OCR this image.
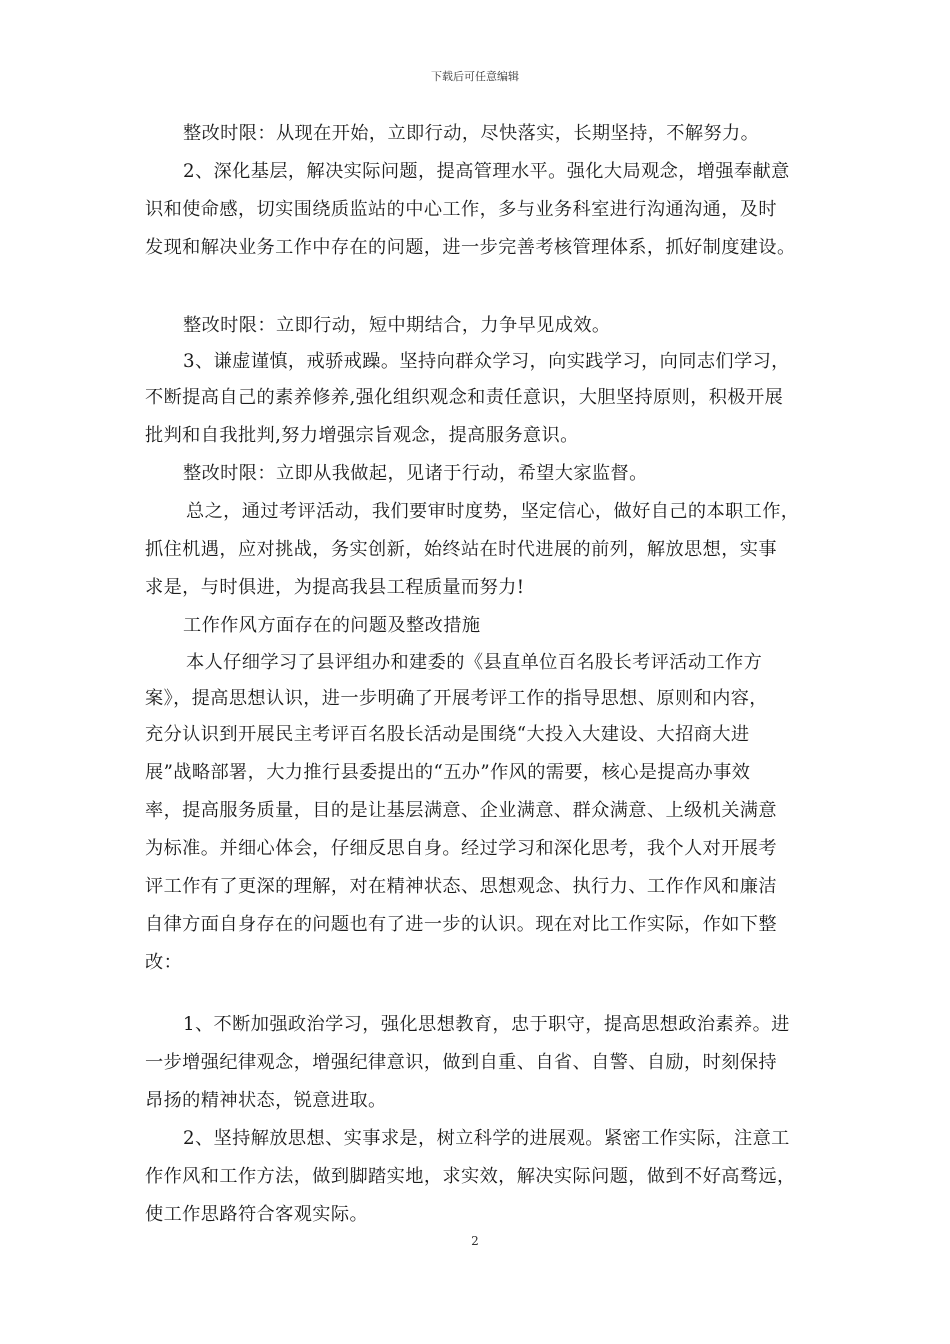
下载后可任意编辑
整改时限：从现在开始，立即行动，尽快落实，长期坚持，不解努力。
2、深化基层，解决实际问题，提高管理水平。强化大局观念，增强奉献意
识和使命感，切实围绕质监站的中心工作，多与业务科室进行沟通沟通，及时
发现和解决业务工作中存在的问题，进一步完善考核管理体系，抓好制度建设。
整改时限：立即行动，短中期结合，力争早见成效。
3、谦虚谨慎，戒骄戒躁。坚持向群众学习，向实践学习，向同志们学习，
不断提高自己的素养修养,强化组织观念和责任意识，大胆坚持原则，积极开展
批判和自我批判,努力增强宗旨观念，提高服务意识。
整改时限：立即从我做起，见诸于行动，希望大家监督。
总之，通过考评活动，我们要审时度势，坚定信心，做好自己的本职工作，
抓住机遇，应对挑战，务实创新，始终站在时代进展的前列，解放思想，实事
求是，与时俱进，为提高我县工程质量而努力!
工作作风方面存在的问题及整改措施
本人仔细学习了县评组办和建委的《县直单位百名股长考评活动工作方
案》，提高思想认识，进一步明确了开展考评工作的指导思想、原则和内容，
充分认识到开展民主考评百名股长活动是围绕“大投入大建设、大招商大进
展”战略部署，大力推行县委提出的“五办”作风的需要，核心是提高办事效
率，提高服务质量，目的是让基层满意、企业满意、群众满意、上级机关满意
为标准。并细心体会，仔细反思自身。经过学习和深化思考，我个人对开展考
评工作有了更深的理解，对在精神状态、思想观念、执行力、工作作风和廉洁
自律方面自身存在的问题也有了进一步的认识。现在对比工作实际，作如下整
改：
1、不断加强政治学习，强化思想教育，忠于职守，提高思想政治素养。进
一步增强纪律观念，增强纪律意识，做到自重、自省、自警、自励，时刻保持
昂扬的精神状态，锐意进取。
2、坚持解放思想、实事求是，树立科学的进展观。紧密工作实际，注意工
作作风和工作方法，做到脚踏实地，求实效，解决实际问题，做到不好高骛远，
使工作思路符合客观实际。
2
